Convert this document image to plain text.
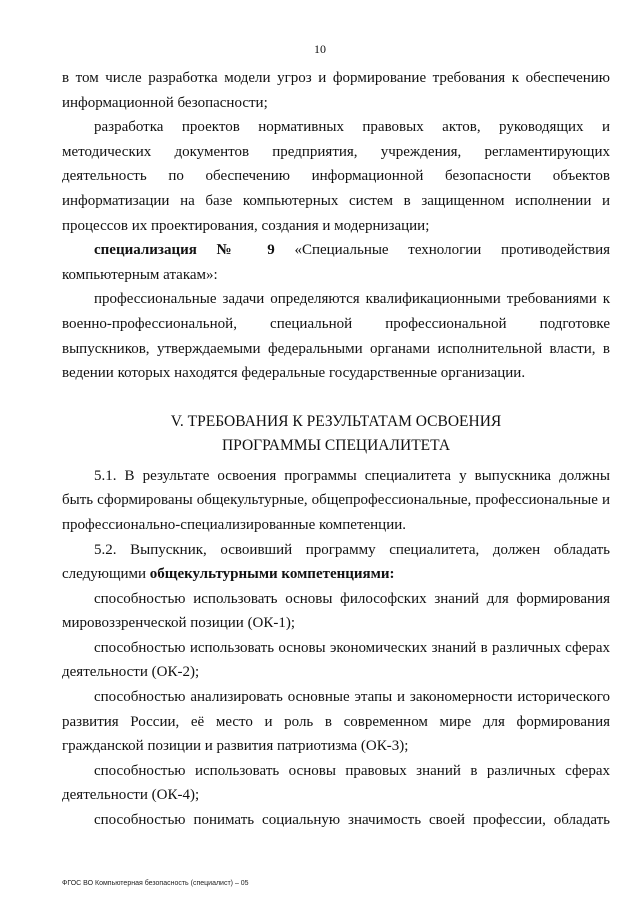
10

в том числе разработка модели угроз и формирование требования к обеспечению информационной безопасности;

разработка проектов нормативных правовых актов, руководящих и методических документов предприятия, учреждения, регламентирующих деятельность по обеспечению информационной безопасности объектов информатизации на базе компьютерных систем в защищенном исполнении и процессов их проектирования, создания и модернизации;

специализация № 9 «Специальные технологии противодействия компьютерным атакам»:

профессиональные задачи определяются квалификационными требованиями к военно-профессиональной, специальной профессиональной подготовке выпускников, утверждаемыми федеральными органами исполнительной власти, в ведении которых находятся федеральные государственные организации.

V. ТРЕБОВАНИЯ К РЕЗУЛЬТАТАМ ОСВОЕНИЯ
ПРОГРАММЫ СПЕЦИАЛИТЕТА

5.1. В результате освоения программы специалитета у выпускника должны быть сформированы общекультурные, общепрофессиональные, профессиональные и профессионально-специализированные компетенции.

5.2. Выпускник, освоивший программу специалитета, должен обладать следующими общекультурными компетенциями:

способностью использовать основы философских знаний для формирования мировоззренческой позиции (ОК-1);

способностью использовать основы экономических знаний в различных сферах деятельности (ОК-2);

способностью анализировать основные этапы и закономерности исторического развития России, её место и роль в современном мире для формирования гражданской позиции и развития патриотизма (ОК-3);

способностью использовать основы правовых знаний в различных сферах деятельности (ОК-4);

способностью понимать социальную значимость своей профессии, обладать

ФГОС ВО Компьютерная безопасность (специалист) – 05
